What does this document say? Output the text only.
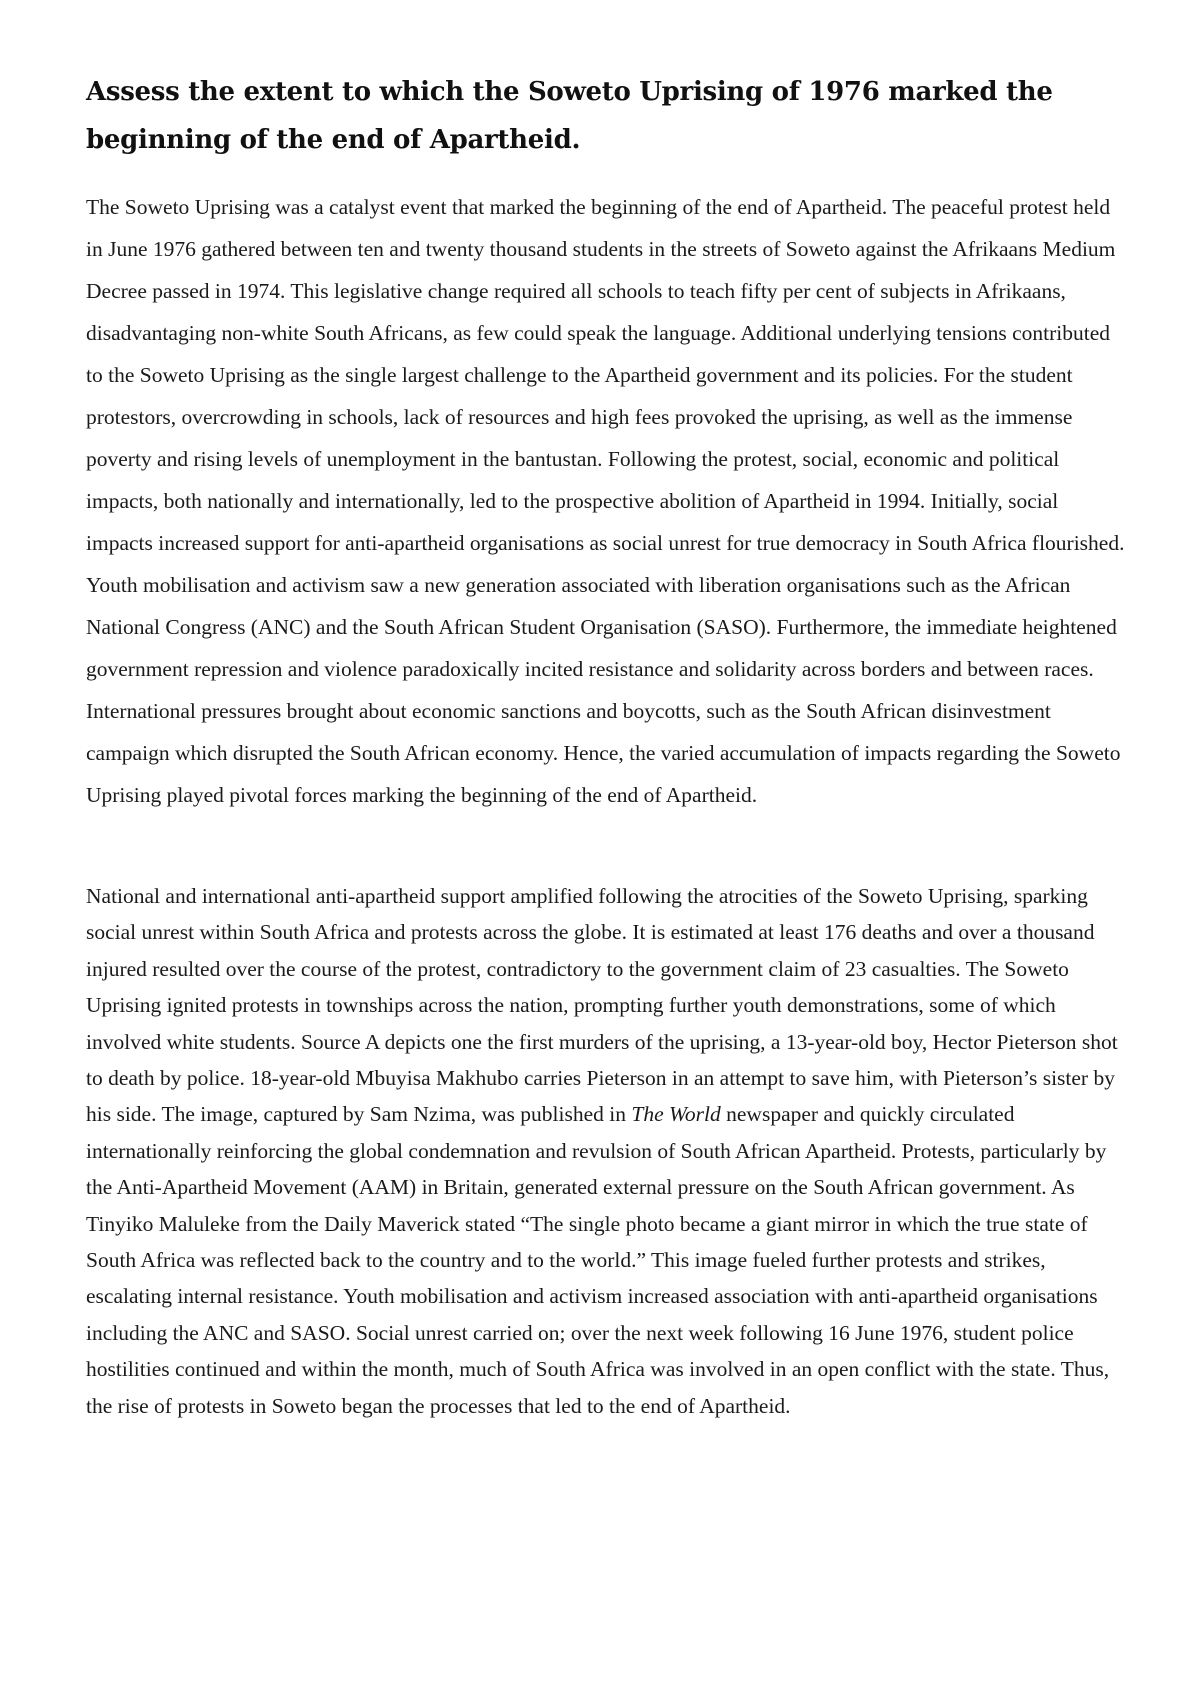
Assess the extent to which the Soweto Uprising of 1976 marked the beginning of the end of Apartheid.

The Soweto Uprising was a catalyst event that marked the beginning of the end of Apartheid. The peaceful protest held in June 1976 gathered between ten and twenty thousand students in the streets of Soweto against the Afrikaans Medium Decree passed in 1974. This legislative change required all schools to teach fifty per cent of subjects in Afrikaans, disadvantaging non-white South Africans, as few could speak the language. Additional underlying tensions contributed to the Soweto Uprising as the single largest challenge to the Apartheid government and its policies. For the student protestors, overcrowding in schools, lack of resources and high fees provoked the uprising, as well as the immense poverty and rising levels of unemployment in the bantustan. Following the protest, social, economic and political impacts, both nationally and internationally, led to the prospective abolition of Apartheid in 1994. Initially, social impacts increased support for anti-apartheid organisations as social unrest for true democracy in South Africa flourished. Youth mobilisation and activism saw a new generation associated with liberation organisations such as the African National Congress (ANC) and the South African Student Organisation (SASO). Furthermore, the immediate heightened government repression and violence paradoxically incited resistance and solidarity across borders and between races. International pressures brought about economic sanctions and boycotts, such as the South African disinvestment campaign which disrupted the South African economy. Hence, the varied accumulation of impacts regarding the Soweto Uprising played pivotal forces marking the beginning of the end of Apartheid.

National and international anti-apartheid support amplified following the atrocities of the Soweto Uprising, sparking social unrest within South Africa and protests across the globe. It is estimated at least 176 deaths and over a thousand injured resulted over the course of the protest, contradictory to the government claim of 23 casualties. The Soweto Uprising ignited protests in townships across the nation, prompting further youth demonstrations, some of which involved white students. Source A depicts one the first murders of the uprising, a 13-year-old boy, Hector Pieterson shot to death by police. 18-year-old Mbuyisa Makhubo carries Pieterson in an attempt to save him, with Pieterson’s sister by his side. The image, captured by Sam Nzima, was published in The World newspaper and quickly circulated internationally reinforcing the global condemnation and revulsion of South African Apartheid. Protests, particularly by the Anti-Apartheid Movement (AAM) in Britain, generated external pressure on the South African government. As Tinyiko Maluleke from the Daily Maverick stated “The single photo became a giant mirror in which the true state of South Africa was reflected back to the country and to the world.” This image fueled further protests and strikes, escalating internal resistance. Youth mobilisation and activism increased association with anti-apartheid organisations including the ANC and SASO. Social unrest carried on; over the next week following 16 June 1976, student police hostilities continued and within the month, much of South Africa was involved in an open conflict with the state. Thus, the rise of protests in Soweto began the processes that led to the end of Apartheid.
